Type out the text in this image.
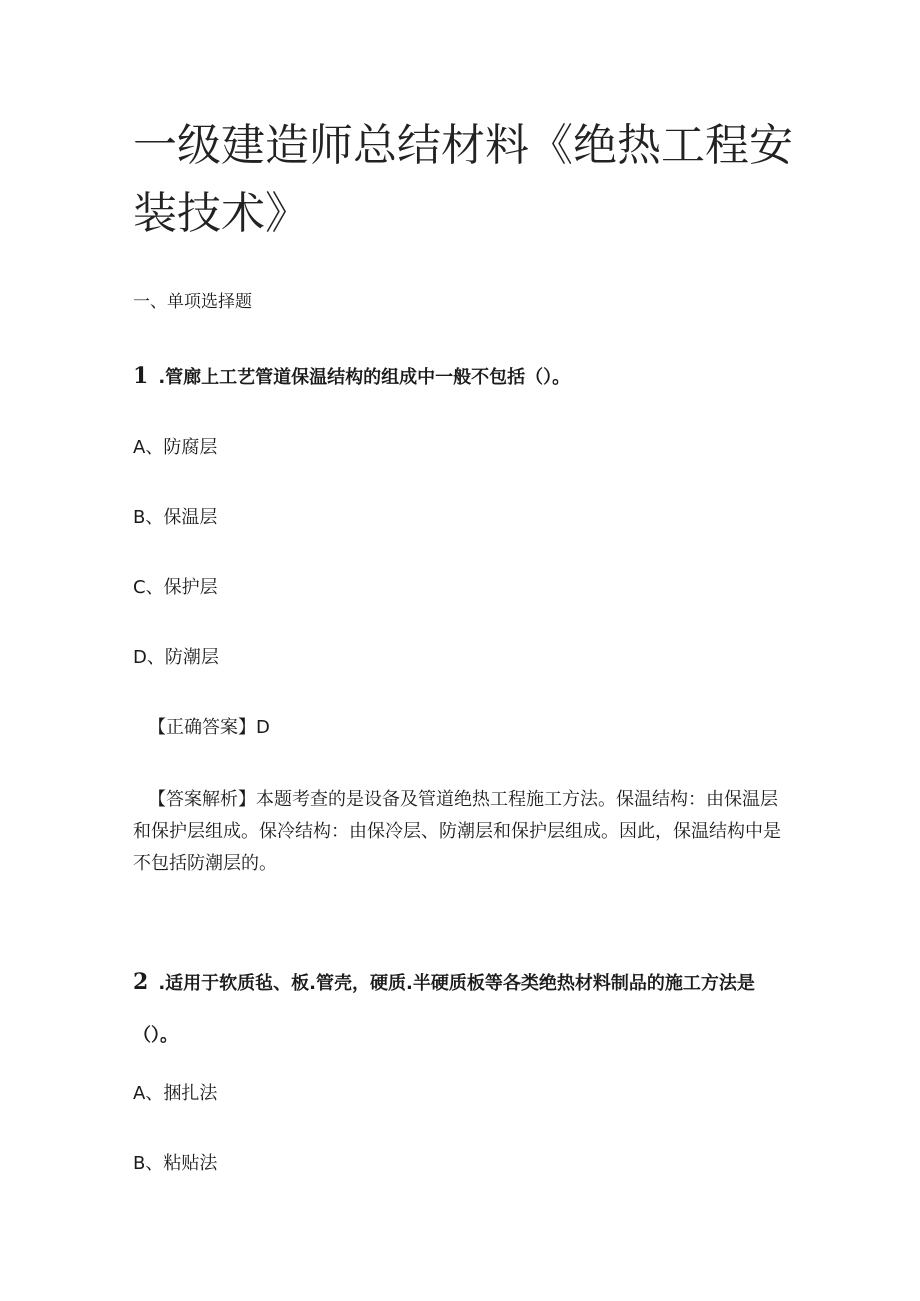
一级建造师总结材料《绝热工程安装技术》

一、单项选择题

1 .管廊上工艺管道保温结构的组成中一般不包括（）。

A、防腐层

B、保温层

C、保护层

D、防潮层

【正确答案】D

【答案解析】本题考查的是设备及管道绝热工程施工方法。保温结构：由保温层和保护层组成。保冷结构：由保冷层、防潮层和保护层组成。因此，保温结构中是不包括防潮层的。

2 .适用于软质毡、板.管壳，硬质.半硬质板等各类绝热材料制品的施工方法是（）。

A、捆扎法

B、粘贴法
